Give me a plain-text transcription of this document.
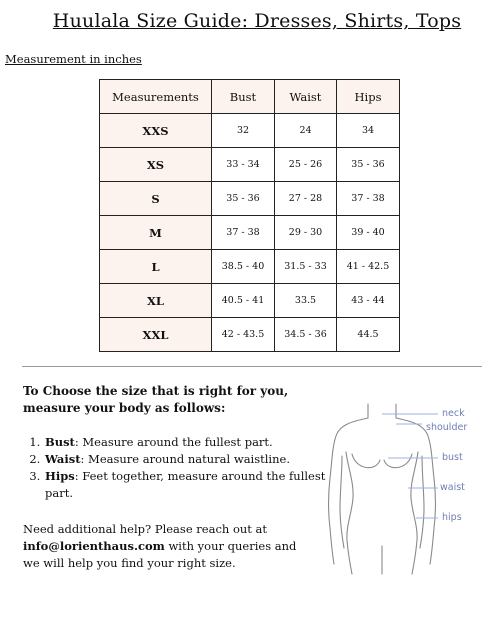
Huulala Size Guide: Dresses, Shirts, Tops
Measurement in inches
Measurements	Bust	Waist	Hips
XXS	32	24	34
XS	33 - 34	25 - 26	35 - 36
S	35 - 36	27 - 28	37 - 38
M	37 - 38	29 - 30	39 - 40
L	38.5 - 40	31.5 - 33	41 - 42.5
XL	40.5 - 41	33.5	43 - 44
XXL	42 - 43.5	34.5 - 36	44.5
To Choose the size that is right for you, measure your body as follows:
1. Bust: Measure around the fullest part.
2. Waist: Measure around natural waistline.
3. Hips: Feet together, measure around the fullest part.
Need additional help? Please reach out at info@lorienthaus.com with your queries and we will help you find your right size.
neck
shoulder
bust
waist
hips
